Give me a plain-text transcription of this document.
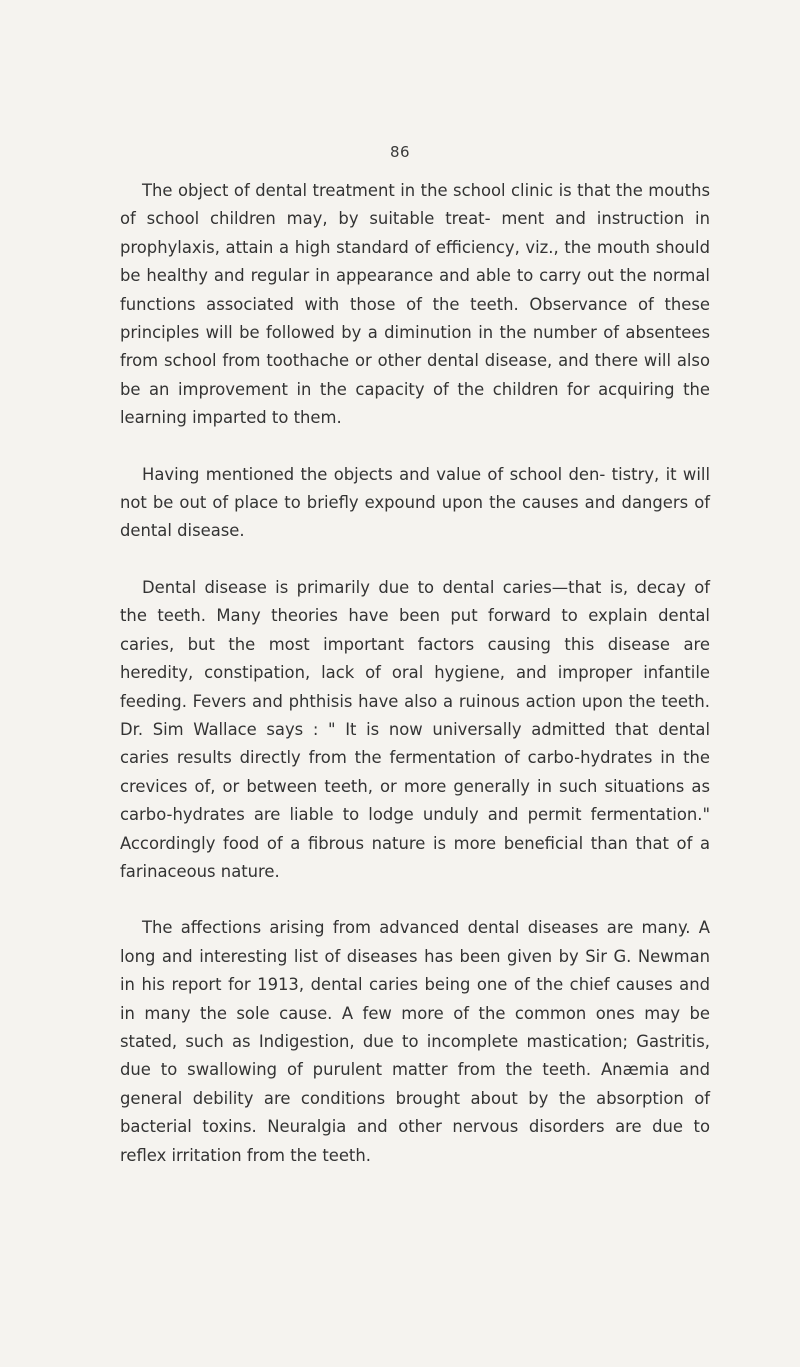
86

The object of dental treatment in the school clinic is that the mouths of school children may, by suitable treat- ment and instruction in prophylaxis, attain a high standard of efficiency, viz., the mouth should be healthy and regular in appearance and able to carry out the normal functions associated with those of the teeth. Observance of these principles will be followed by a diminution in the number of absentees from school from toothache or other dental disease, and there will also be an improvement in the capacity of the children for acquiring the learning imparted to them.

Having mentioned the objects and value of school den- tistry, it will not be out of place to briefly expound upon the causes and dangers of dental disease.

Dental disease is primarily due to dental caries—that is, decay of the teeth. Many theories have been put forward to explain dental caries, but the most important factors causing this disease are heredity, constipation, lack of oral hygiene, and improper infantile feeding. Fevers and phthisis have also a ruinous action upon the teeth. Dr. Sim Wallace says : " It is now universally admitted that dental caries results directly from the fermentation of carbo-hydrates in the crevices of, or between teeth, or more generally in such situations as carbo-hydrates are liable to lodge unduly and permit fermentation." Accordingly food of a fibrous nature is more beneficial than that of a farinaceous nature.

The affections arising from advanced dental diseases are many. A long and interesting list of diseases has been given by Sir G. Newman in his report for 1913, dental caries being one of the chief causes and in many the sole cause. A few more of the common ones may be stated, such as Indigestion, due to incomplete mastication; Gastritis, due to swallowing of purulent matter from the teeth. Anæmia and general debility are conditions brought about by the absorption of bacterial toxins. Neuralgia and other nervous disorders are due to reflex irritation from the teeth.
